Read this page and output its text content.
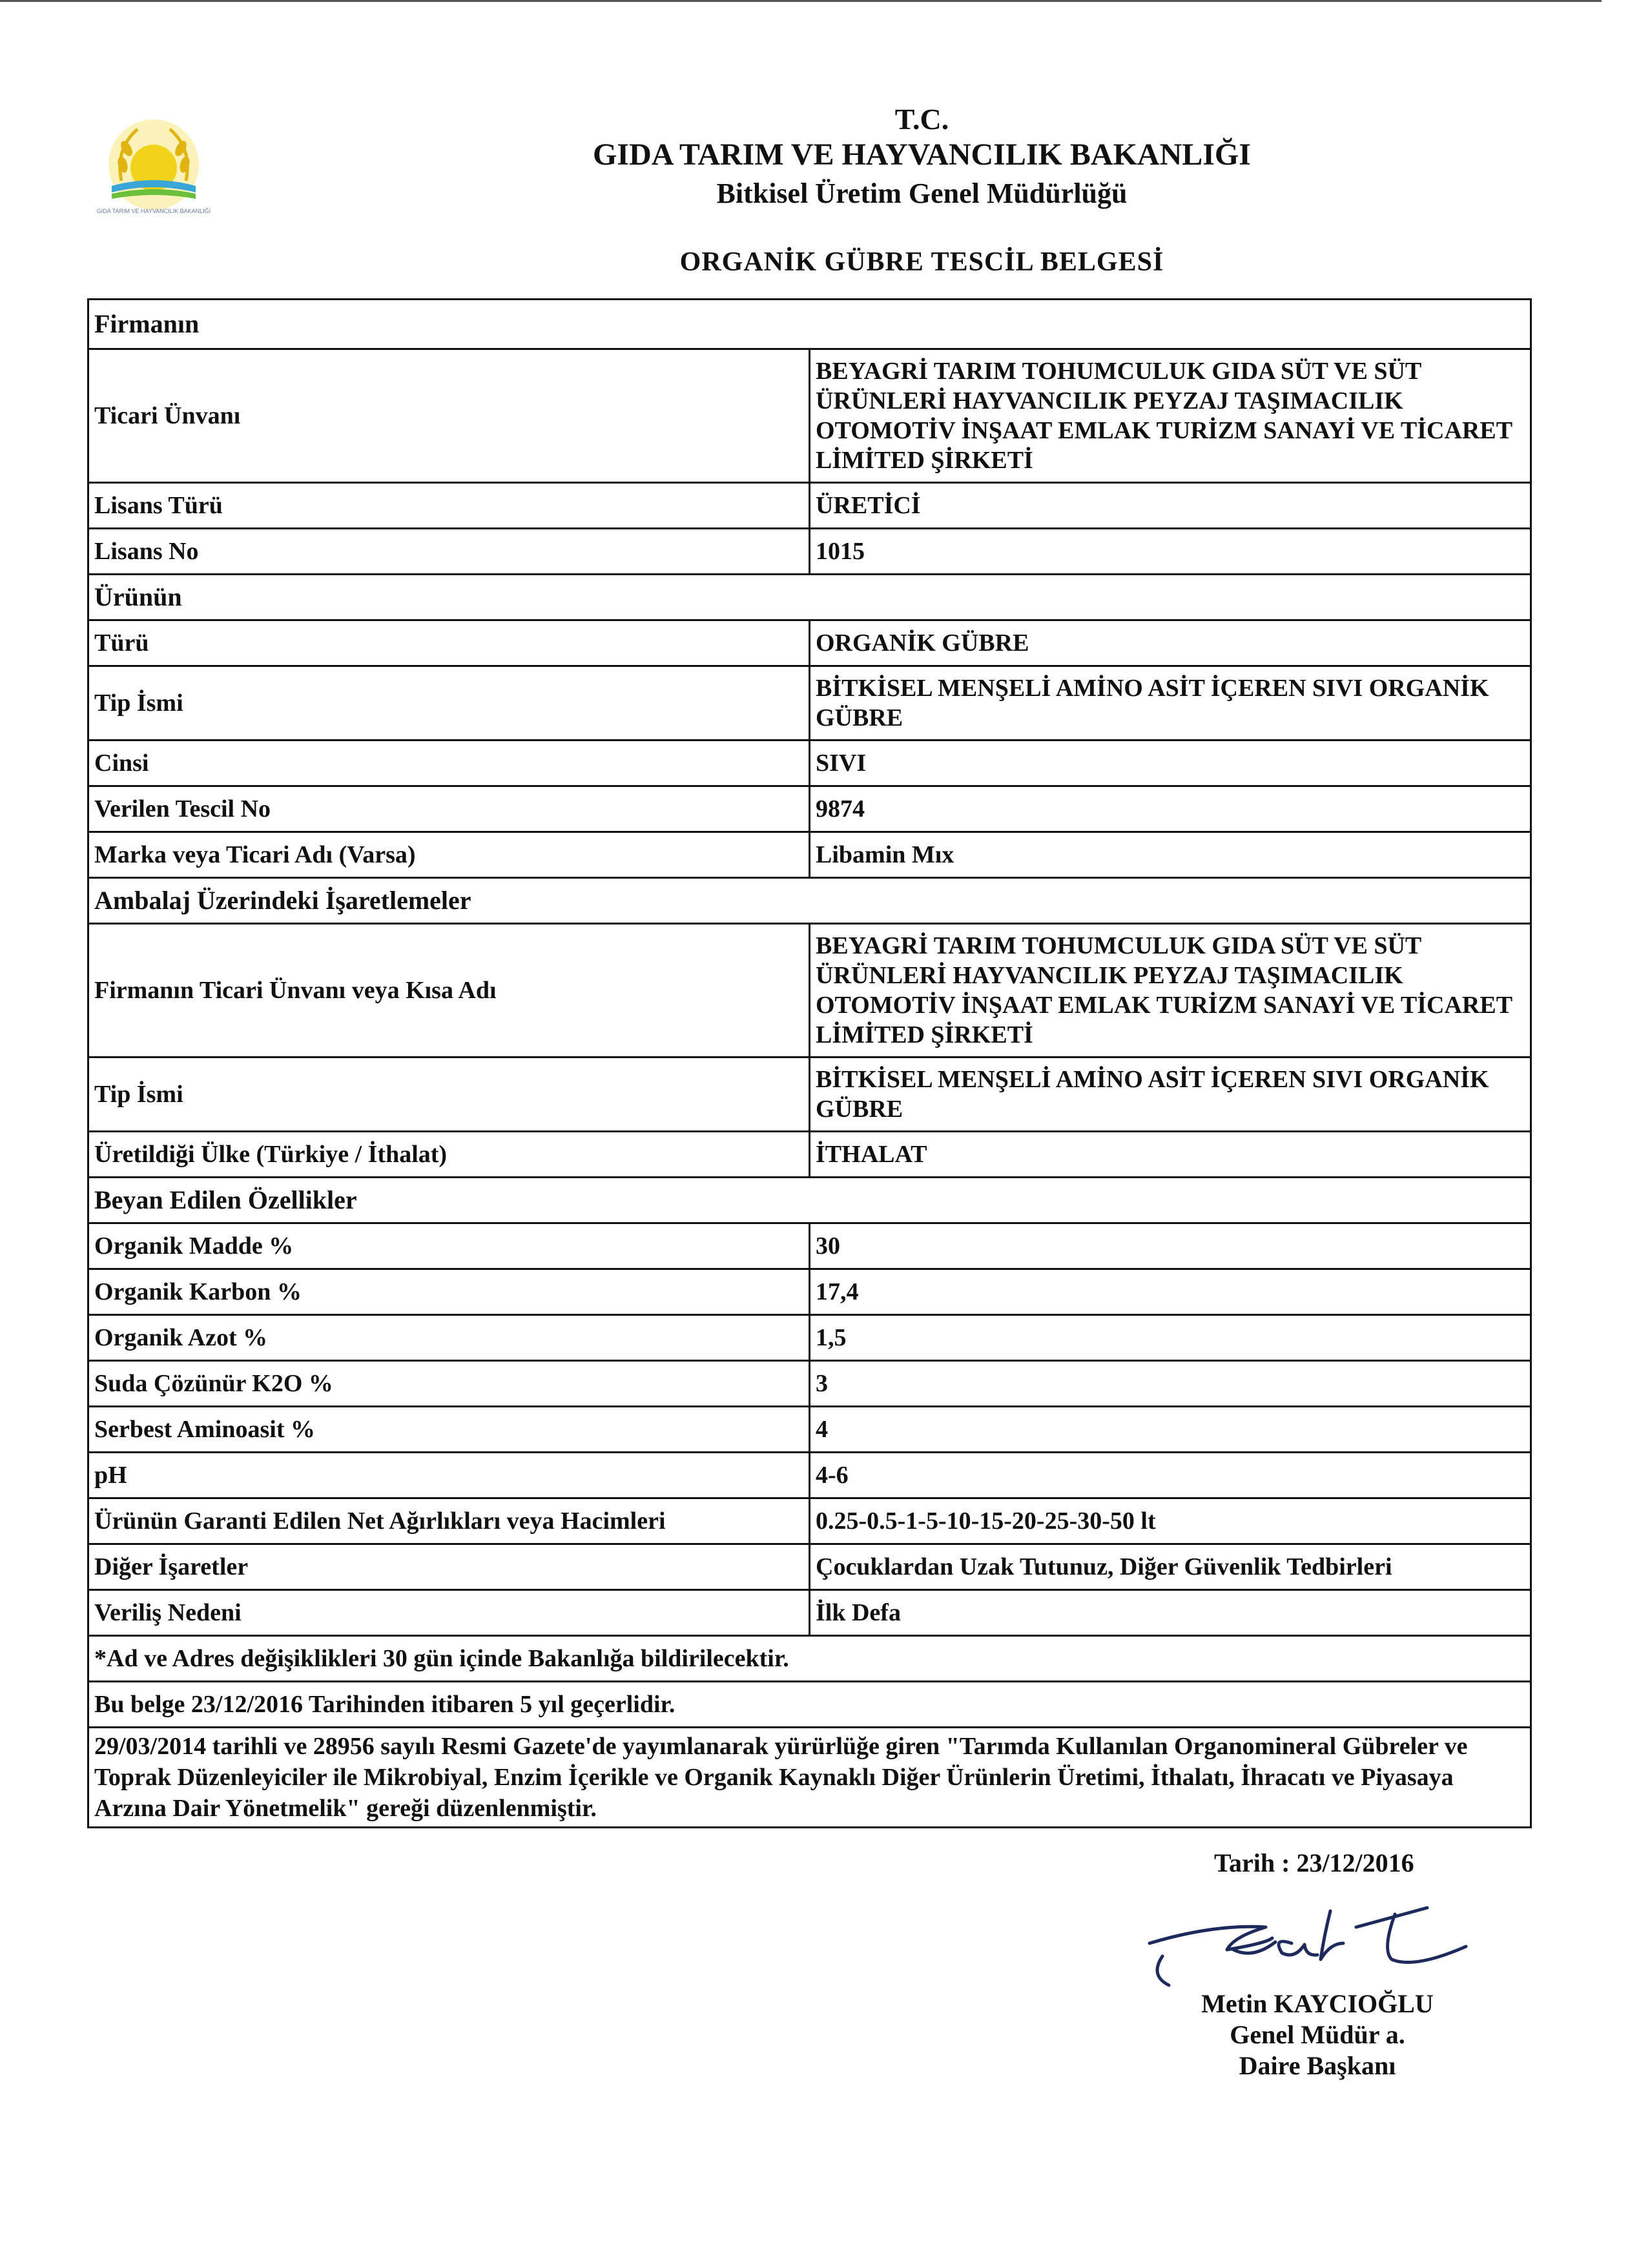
GIDA TARIM VE HAYVANCILIK BAKANLIĞI
T.C.
GIDA TARIM VE HAYVANCILIK BAKANLIĞI
Bitkisel Üretim Genel Müdürlüğü
ORGANİK GÜBRE TESCİL BELGESİ
Firmanın	
Ticari Ünvanı	BEYAGRİ TARIM TOHUMCULUK GIDA SÜT VE SÜT ÜRÜNLERİ HAYVANCILIK PEYZAJ TAŞIMACILIK OTOMOTİV İNŞAAT EMLAK TURİZM SANAYİ VE TİCARET LİMİTED ŞİRKETİ
Lisans Türü	ÜRETİCİ
Lisans No	1015
Ürünün	
Türü	ORGANİK GÜBRE
Tip İsmi	BİTKİSEL MENŞELİ AMİNO ASİT İÇEREN SIVI ORGANİK GÜBRE
Cinsi	SIVI
Verilen Tescil No	9874
Marka veya Ticari Adı (Varsa)	Libamin Mıx
Ambalaj Üzerindeki İşaretlemeler	
Firmanın Ticari Ünvanı veya Kısa Adı	BEYAGRİ TARIM TOHUMCULUK GIDA SÜT VE SÜT ÜRÜNLERİ HAYVANCILIK PEYZAJ TAŞIMACILIK OTOMOTİV İNŞAAT EMLAK TURİZM SANAYİ VE TİCARET LİMİTED ŞİRKETİ
Tip İsmi	BİTKİSEL MENŞELİ AMİNO ASİT İÇEREN SIVI ORGANİK GÜBRE
Üretildiği Ülke (Türkiye / İthalat)	İTHALAT
Beyan Edilen Özellikler	
Organik Madde %	30
Organik Karbon %	17,4
Organik Azot %	1,5
Suda Çözünür K2O %	3
Serbest Aminoasit %	4
pH	4-6
Ürünün Garanti Edilen Net Ağırlıkları veya Hacimleri	0.25-0.5-1-5-10-15-20-25-30-50 lt
Diğer İşaretler	Çocuklardan Uzak Tutunuz, Diğer Güvenlik Tedbirleri
Veriliş Nedeni	İlk Defa
*Ad ve Adres değişiklikleri 30 gün içinde Bakanlığa bildirilecektir.	
Bu belge 23/12/2016 Tarihinden itibaren 5 yıl geçerlidir.	
29/03/2014 tarihli ve 28956 sayılı Resmi Gazete'de yayımlanarak yürürlüğe giren "Tarımda Kullanılan Organomineral Gübreler ve Toprak Düzenleyiciler ile Mikrobiyal, Enzim İçerikle ve Organik Kaynaklı Diğer Ürünlerin Üretimi, İthalatı, İhracatı ve Piyasaya Arzına Dair Yönetmelik" gereği düzenlenmiştir.	
Tarih : 23/12/2016
Metin KAYCIOĞLU
Genel Müdür a.
Daire Başkanı
